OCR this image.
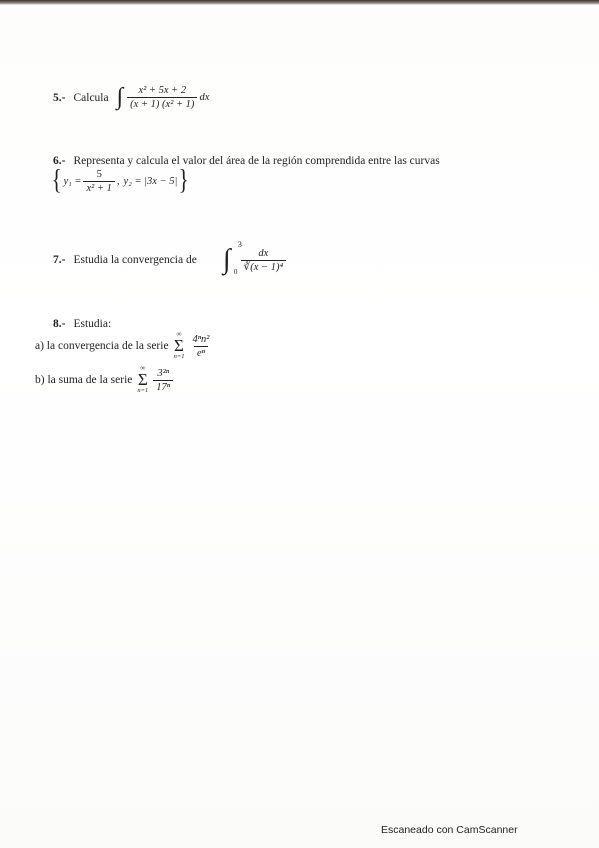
5.- Calcula ∫ $\frac{\text{x² + 5x + 2}}{\text{(x + 1) (x² + 1)}}$ dx
6.- Representa y calcula el valor del área de la región comprendida entre las curvas
{ $y_1 = \frac{5}{\text{x² + 1}}$ , y₂ = |3x − 5| }
7.- Estudia la convergencia de ∫ 3
$0 \frac{dx}{\text{∛(x − 1)⁴}}$
8.- Estudia:
a) la convergencia de la serie
∞
Σ
$n=1 \frac{\text{4ⁿn²}}{\text{eⁿ}}$
b) la suma de la serie
∞
Σ
$n=1 \frac{\text{3²ⁿ}}{\text{17ⁿ}}$
Escaneado con CamScanner
